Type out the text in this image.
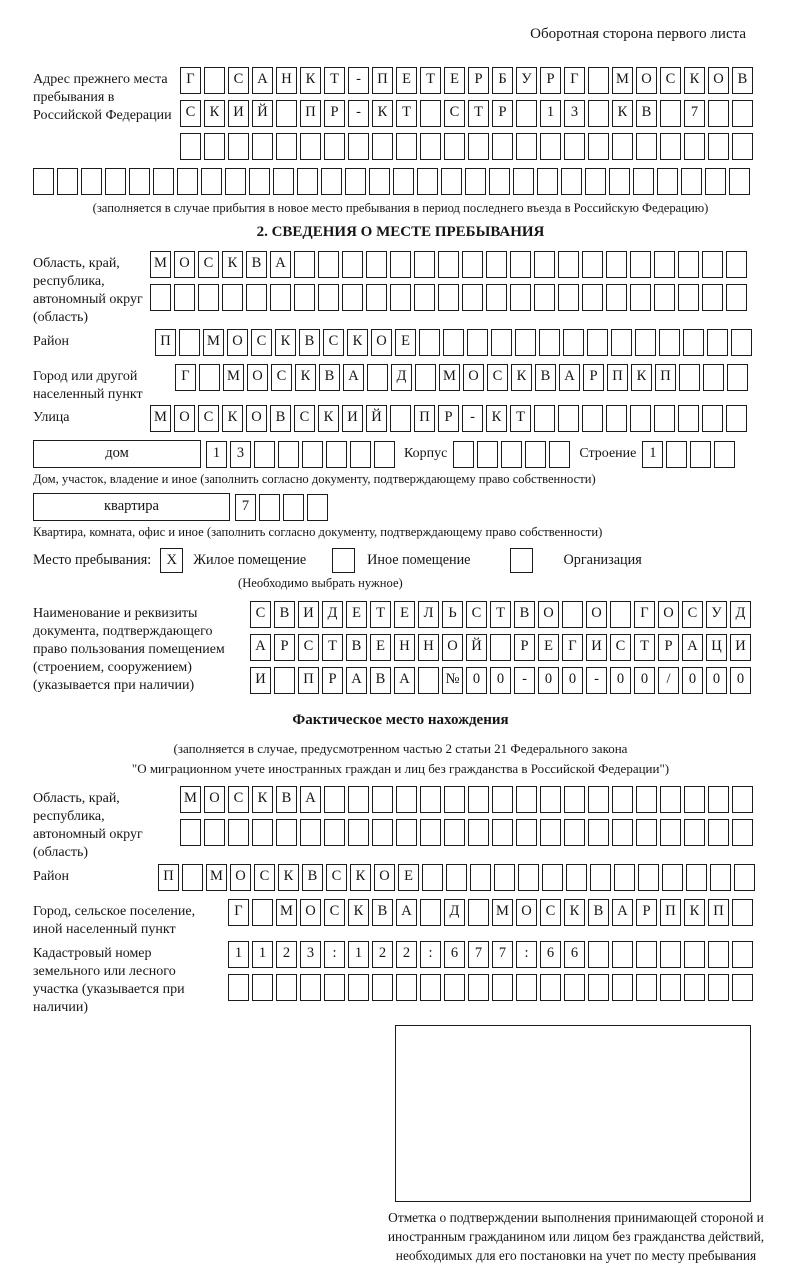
Оборотная сторона первого листа
Адрес прежнего места пребывания в Российской Федерации
Г	С А Н К Т - П Е Т Е Р Б У Р Г	М О С К О В
С К И Й	П Р - К Т	С Т Р	1 3	К В	7
(заполняется в случае прибытия в новое место пребывания в период последнего въезда в Российскую Федерацию)
2. СВЕДЕНИЯ О МЕСТЕ ПРЕБЫВАНИЯ
Область, край, республика, автономный округ (область)
М О С К В А
Район	П	М О С К В С К О Е
Город или другой населенный пункт
Г	М О С К В А	Д	М О С К В А Р П К П
Улица	М О С К О В С К И Й	П Р - К Т
дом	1 3	Корпус	Строение 1
Дом, участок, владение и иное (заполнить согласно документу, подтверждающему право собственности)
квартира	7
Квартира, комната, офис и иное (заполнить согласно документу, подтверждающему право собственности)
Место пребывания:	X	Жилое помещение	Иное помещение	Организация
(Необходимо выбрать нужное)
Наименование и реквизиты документа, подтверждающего право пользования помещением (строением, сооружением) (указывается при наличии)
С В И Д Е Т Е Л Ь С Т В О	О	Г О С У Д
А Р С Т В Е Н Н О Й	Р Е Г И С Т Р А Ц И
И	П Р А В А № 0 0 - 0 0 - 0 0 / 0 0 0
Фактическое место нахождения
(заполняется в случае, предусмотренном частью 2 статьи 21 Федерального закона
"О миграционном учете иностранных граждан и лиц без гражданства в Российской Федерации")
Область, край, республика, автономный округ (область)
М О С К В А
Район	П	М О С К В С К О Е
Город, сельское поселение, иной населенный пункт
Г	М О С К В А	Д	М О С К В А Р П К П
Кадастровый номер земельного или лесного участка (указывается при наличии)
1 1 2 3 : 1 2 2 : 6 7 7 : 6 6
Отметка о подтверждении выполнения принимающей стороной и иностранным гражданином или лицом без гражданства действий, необходимых для его постановки на учет по месту пребывания
